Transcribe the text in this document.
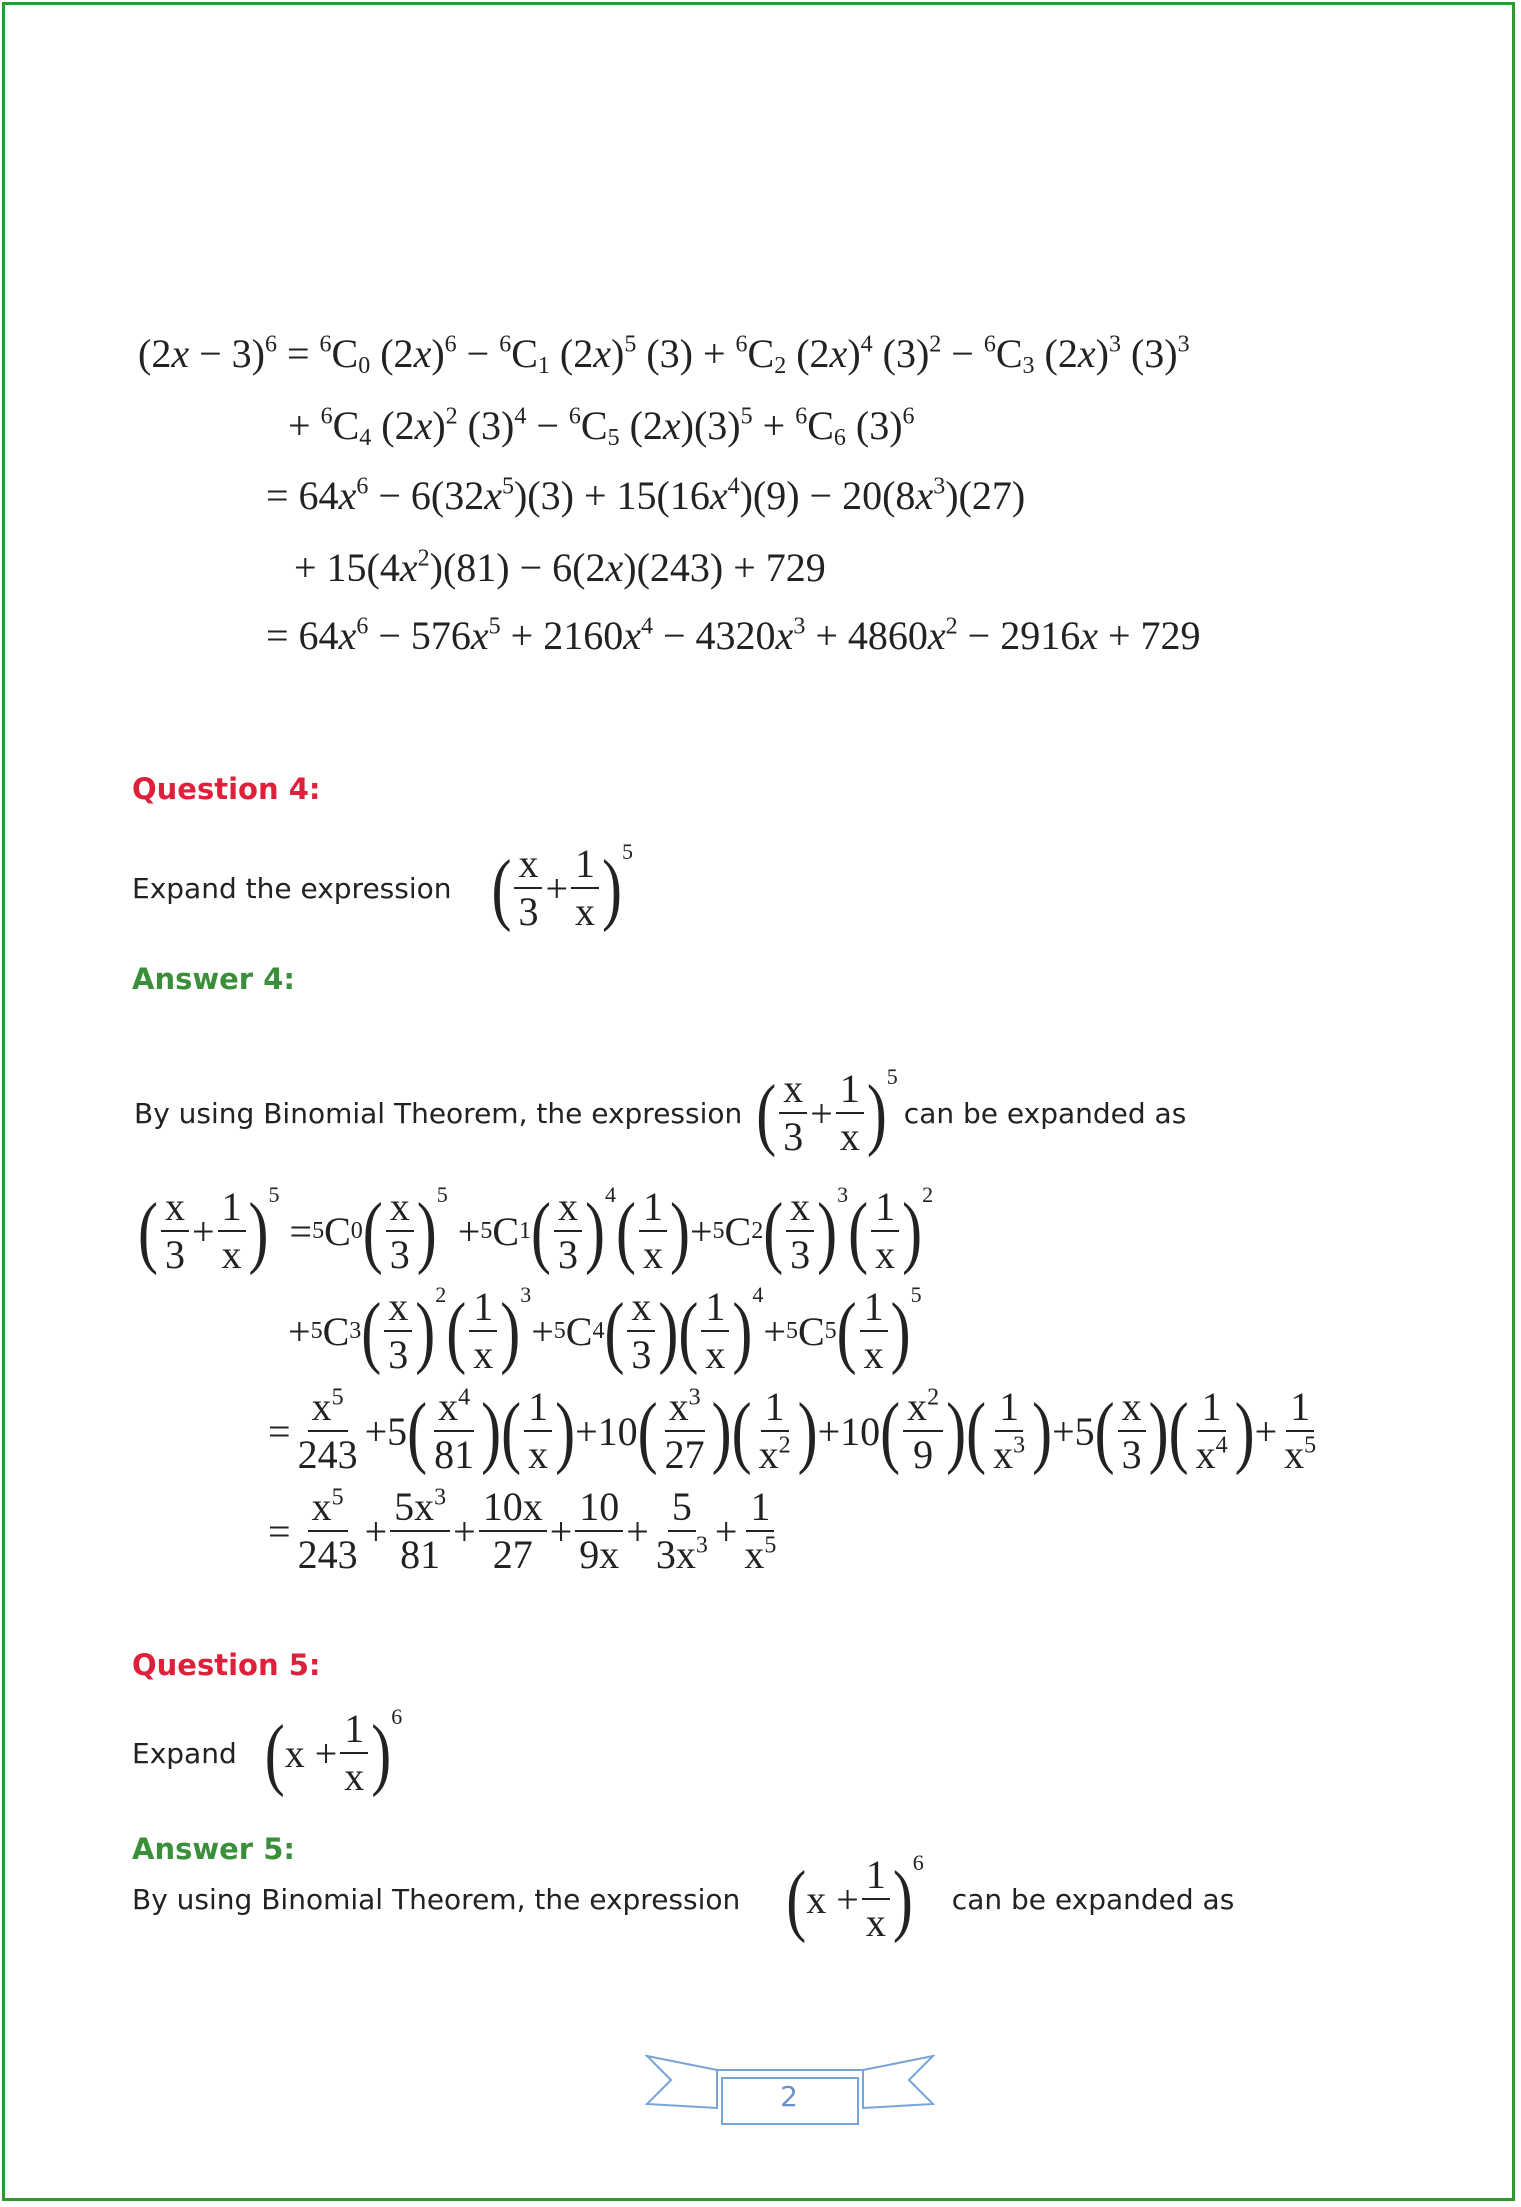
$(2x - 3)^6 = ^6C_0$ $(2x)^6 - ^6C_1$ $(2x)^5$ $(3) + ^6C_2$ $(2x)^4$ $(3)^2 - ^6C_3$ $(2x)^3$ $(3)^3$
+ $^6C_4$ $(2x)^2$ $(3)^4 - ^6C_5$ $(2x)(3)^5 + ^6C_6$ $(3)^6$
= $64x^6 - 6(32x^5)(3) + 15(16x^4)(9) - 20(8x^3)(27)$
+ $15(4x^2)(81) - 6(2x)(243) + 729$
= $64x^6 - 576x^5 + 2160x^4 - 4320x^3 + 4860x^2 - 2916x + 729$
Question 4:
Expand the expression ( $\frac{x}{3} + \frac{1}{x}$ ) 5
Answer 4:
By using Binomial Theorem, the expression ( $\frac{x}{3} + \frac{1}{x}$ ) 5
can be expanded as
( $\frac{x}{3} + \frac{1}{x}$ ) 5
= 5 C 0 ( $\frac{x}{3}$ ) 5
+ 5 C 1 ( $\frac{x}{3}$ ) 4 ( $\frac{1}{x}$ ) + 5 C 2 ( $\frac{x}{3}$ ) 3 ( $\frac{1}{x}$ ) 2
+ 5 C 3 ( $\frac{x}{3}$ ) 2 ( $\frac{1}{x}$ ) 3
+ 5 C 4 ( $\frac{x}{3}$ ) ( $\frac{1}{x}$ ) 4
+ 5 C 5 ( $\frac{1}{x}$ ) 5
= $\frac{x^5}{243} +5$ ( $\frac{x^4}{81}$ ) ( $\frac{1}{x}$ ) +10 ( $\frac{x^3}{27}$ ) ( $\frac{1}{x^2}$ ) +10 ( $\frac{x^2}{9}$ ) ( $\frac{1}{x^3}$ ) +5 ( $\frac{x}{3}$ ) ( $\frac{1}{x^4}$ ) + $\frac{1}{x^5}$
= $\frac{x^5}{243} + \frac{5x^3}{81} + \frac{10x}{27} + \frac{10}{9x} + \frac{5}{3x^3} + \frac{1}{x^5}$
Question 5:
Expand ( $x + \frac{1}{x}$ ) 6
Answer 5:
By using Binomial Theorem, the expression ( $x + \frac{1}{x}$ ) 6
can be expanded as
2
